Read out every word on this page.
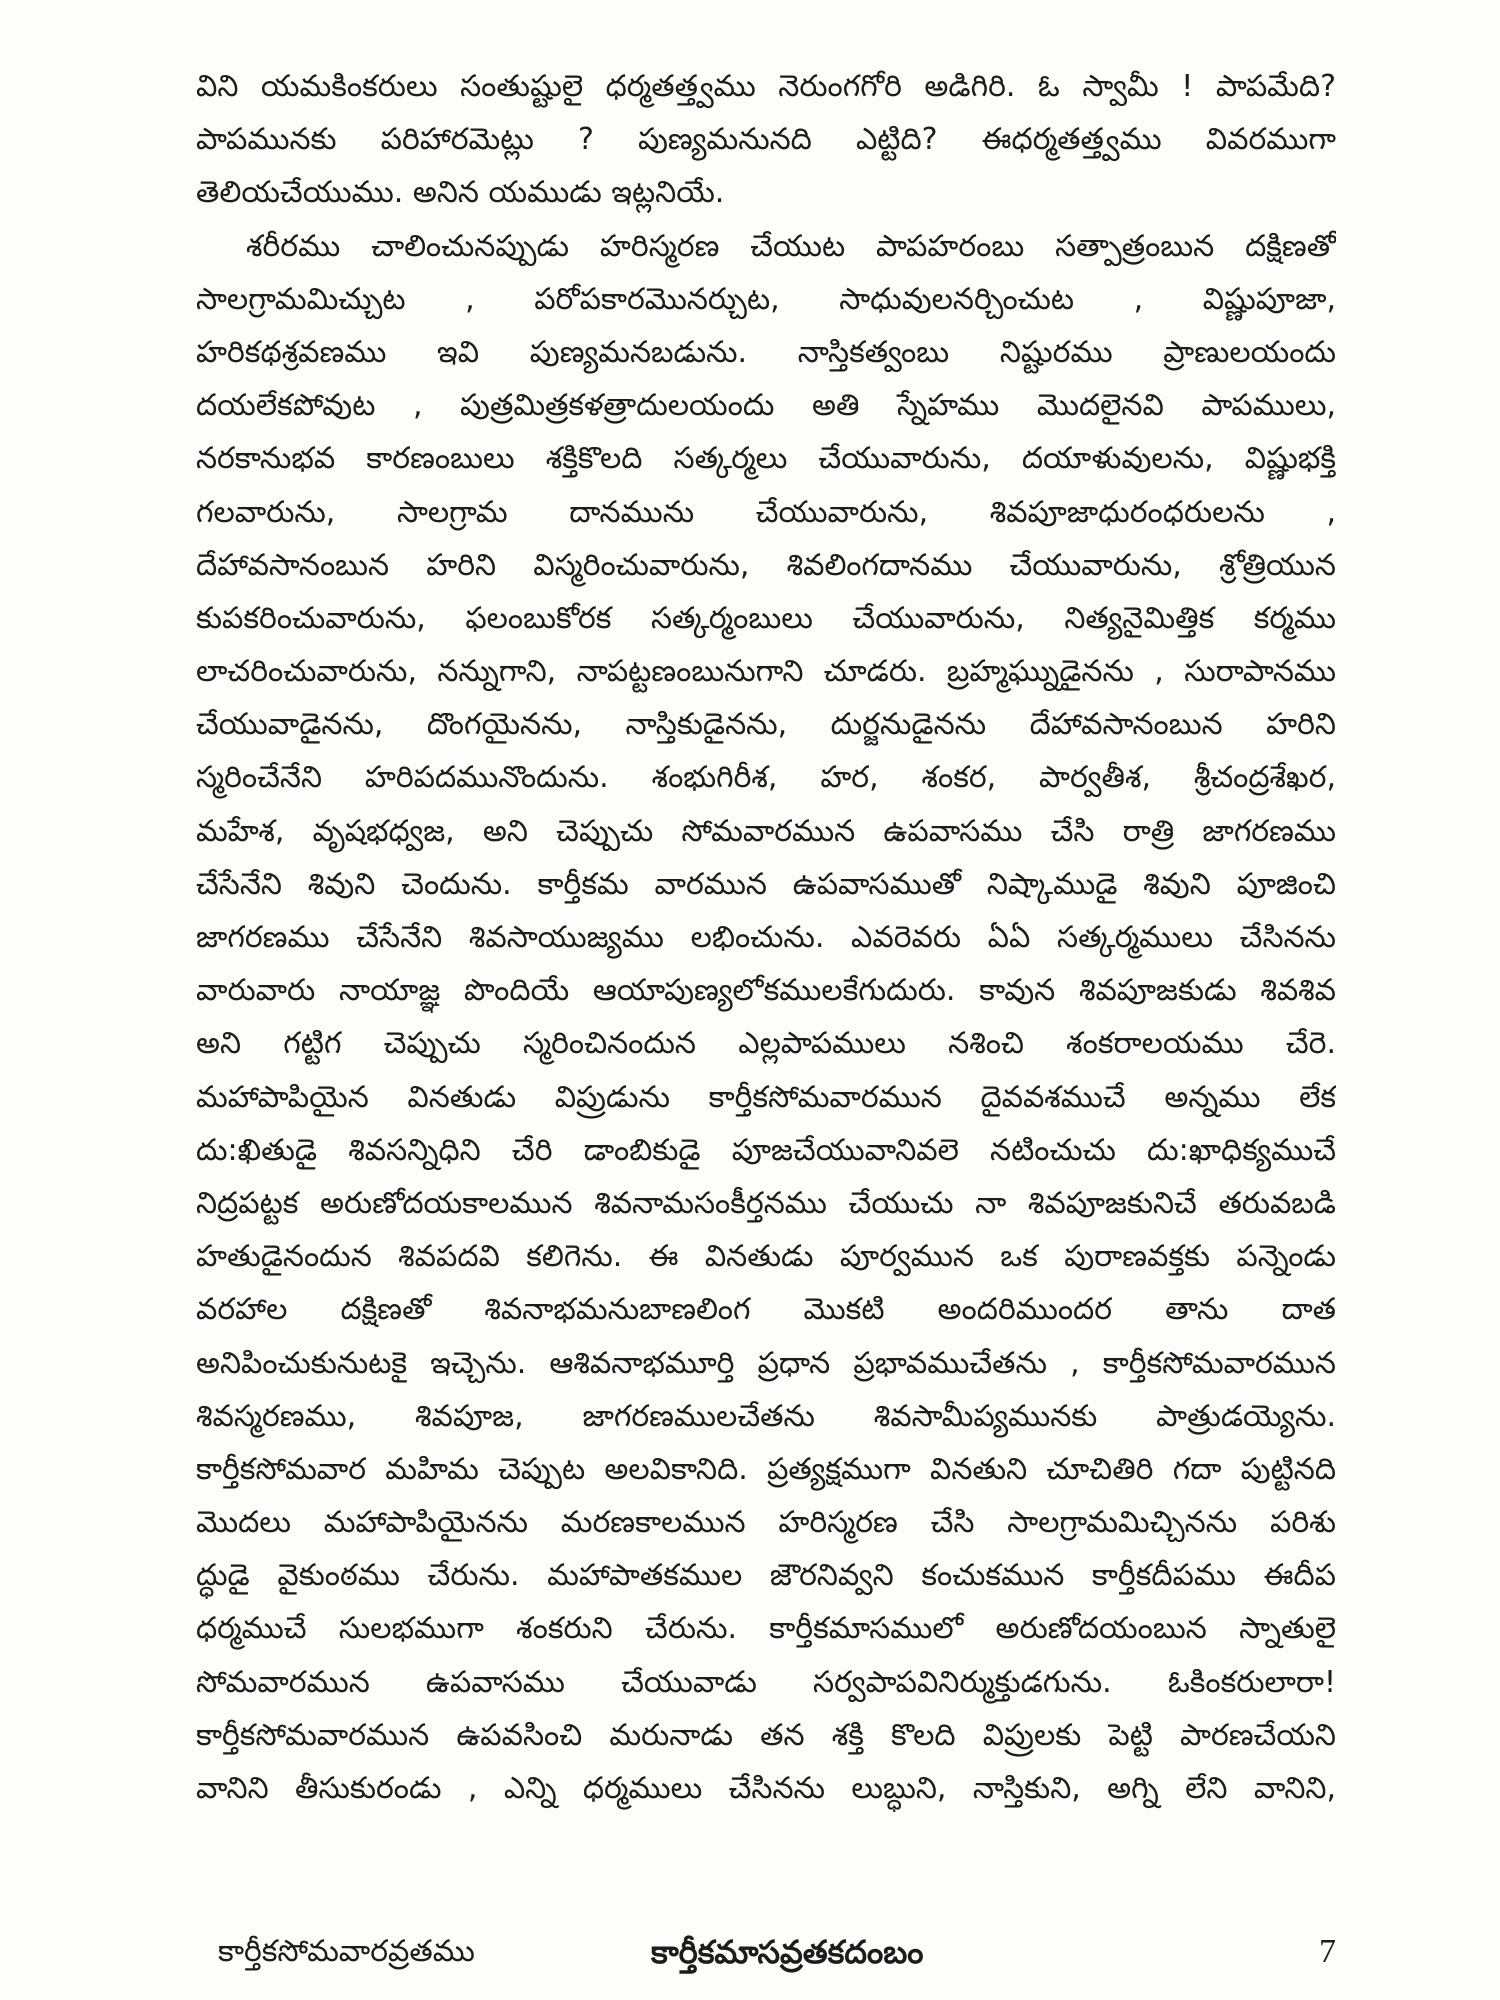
విని యమకింకరులు సంతుష్టులై ధర్మతత్త్వము నెరుంగగోరి అడిగిరి. ఓ స్వామీ ! పాపమేది?
పాపమునకు పరిహారమెట్లు ? పుణ్యమనునది ఎట్టిది? ఈధర్మతత్త్వము వివరముగా
తెలియచేయుము. అనిన యముడు ఇట్లనియే.
శరీరము చాలించునప్పుడు హరిస్మరణ చేయుట పాపహరంబు సత్పాత్రంబున దక్షిణతో
సాలగ్రామమిచ్చుట , పరోపకారమొనర్చుట, సాధువులనర్చించుట , విష్ణుపూజా,
హరికథశ్రవణము ఇవి పుణ్యమనబడును. నాస్తికత్వంబు నిష్టురము ప్రాణులయందు
దయలేకపోవుట , పుత్రమిత్రకళత్రాదులయందు అతి స్నేహము మొదలైనవి పాపములు,
నరకానుభవ కారణంబులు శక్తికొలది సత్కర్మలు చేయువారును, దయాళువులను, విష్ణుభక్తి
గలవారును, సాలగ్రామ దానమును చేయువారును, శివపూజాధురంధరులను ,
దేహావసానంబున హరిని విస్మరించువారును, శివలింగదానము చేయువారును, శ్రోత్రియున
కుపకరించువారును, ఫలంబుకోరక సత్కర్మంబులు చేయువారును, నిత్యనైమిత్తిక కర్మము
లాచరించువారును, నన్నుగాని, నాపట్టణంబునుగాని చూడరు. బ్రహ్మఘ్నుడైనను , సురాపానము
చేయువాడైనను, దొంగయైనను, నాస్తికుడైనను, దుర్జనుడైనను దేహావసానంబున హరిని
స్మరించేనేని హరిపదమునొందును. శంభుగిరీశ, హర, శంకర, పార్వతీశ, శ్రీచంద్రశేఖర,
మహేశ, వృషభధ్వజ, అని చెప్పుచు సోమవారమున ఉపవాసము చేసి రాత్రి జాగరణము
చేసేనేని శివుని చెందును. కార్తీకమ వారమున ఉపవాసముతో నిష్కాముడై శివుని పూజించి
జాగరణము చేసేనేని శివసాయుజ్యము లభించును. ఎవరెవరు ఏఏ సత్కర్మములు చేసినను
వారువారు నాయాజ్ఞ పొందియే ఆయాపుణ్యలోకములకేగుదురు. కావున శివపూజకుడు శివశివ
అని గట్టిగ చెప్పుచు స్మరించినందున ఎల్లపాపములు నశించి శంకరాలయము చేరె.
మహాపాపియైన వినతుడు విప్రుడును కార్తీకసోమవారమున దైవవశముచే అన్నము లేక
దు:ఖితుడై శివసన్నిధిని చేరి డాంబికుడై పూజచేయువానివలె నటించుచు దు:ఖాధిక్యముచే
నిద్రపట్టక అరుణోదయకాలమున శివనామసంకీర్తనము చేయుచు నా శివపూజకునిచే తరువబడి
హతుడైనందున శివపదవి కలిగెను. ఈ వినతుడు పూర్వమున ఒక పురాణవక్తకు పన్నెండు
వరహాల దక్షిణతో శివనాభమనుబాణలింగ మొకటి అందరిముందర తాను దాత
అనిపించుకునుటకై ఇచ్చెను. ఆశివనాభమూర్తి ప్రధాన ప్రభావముచేతను , కార్తీకసోమవారమున
శివస్మరణము, శివపూజ, జాగరణములచేతను శివసామీప్యమునకు పాత్రుడయ్యెను.
కార్తీకసోమవార మహిమ చెప్పుట అలవికానిది. ప్రత్యక్షముగా వినతుని చూచితిరి గదా పుట్టినది
మొదలు మహాపాపియైనను మరణకాలమున హరిస్మరణ చేసి సాలగ్రామమిచ్చినను పరిశు
ద్ధుడై వైకుంఠము చేరును. మహాపాతకముల జౌరనివ్వని కంచుకమున కార్తీకదీపము ఈదీప
ధర్మముచే సులభముగా శంకరుని చేరును. కార్తీకమాసములో అరుణోదయంబున స్నాతులై
సోమవారమున ఉపవాసము చేయువాడు సర్వపాపవినిర్ముక్తుడగును. ఓకింకరులారా!
కార్తీకసోమవారమున ఉపవసించి మరునాడు తన శక్తి కొలది విప్రులకు పెట్టి పారణచేయని
వానిని తీసుకురండు , ఎన్ని ధర్మములు చేసినను లుబ్ధుని, నాస్తికుని, అగ్ని లేని వానిని,
కార్తీకసోమవారవ్రతము	కార్తీకమాసవ్రతకదంబం	7
